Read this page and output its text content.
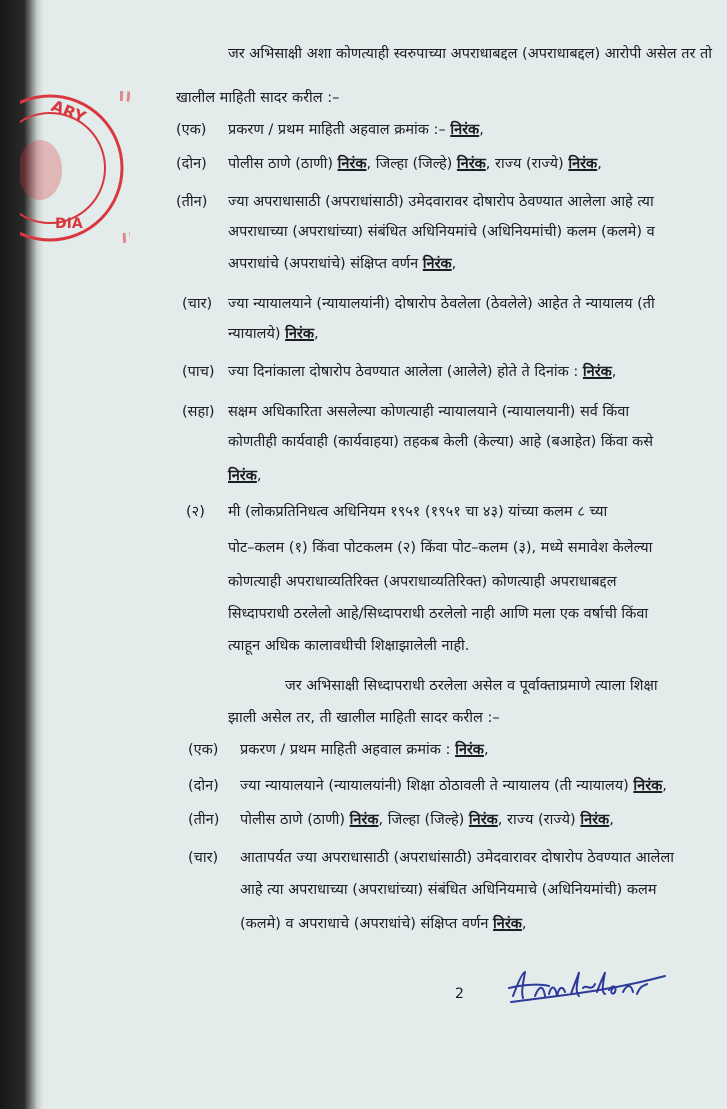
ARY
DIA
जर अभिसाक्षी अशा कोणत्याही स्वरुपाच्या अपराधाबद्दल (अपराधाबद्दल) आरोपी असेल तर तो
खालील माहिती सादर करील :–
(एक) प्रकरण / प्रथम माहिती अहवाल क्रमांक :– निरंक,
(दोन) पोलीस ठाणे (ठाणी) निरंक, जिल्हा (जिल्हे) निरंक, राज्य (राज्ये) निरंक,
(तीन) ज्या अपराधासाठी (अपराधांसाठी) उमेदवारावर दोषारोप ठेवण्यात आलेला आहे त्या
अपराधाच्या (अपराधांच्या) संबंधित अधिनियमांचे (अधिनियमांची) कलम (कलमे) व
अपराधांचे (अपराधांचे) संक्षिप्त वर्णन निरंक,
(चार) ज्या न्यायालयाने (न्यायालयांनी) दोषारोप ठेवलेला (ठेवलेले) आहेत ते न्यायालय (ती
न्यायालये) निरंक,
(पाच) ज्या दिनांकाला दोषारोप ठेवण्यात आलेला (आलेले) होते ते दिनांक : निरंक,
(सहा) सक्षम अधिकारिता असलेल्या कोणत्याही न्यायालयाने (न्यायालयानी) सर्व किंवा
कोणतीही कार्यवाही (कार्यवाहया) तहकब केली (केल्या) आहे (बआहेत) किंवा कसे
निरंक,
(२) मी (लोकप्रतिनिधत्व अधिनियम १९५१ (१९५१ चा ४३) यांच्या कलम ८ च्या
पोट–कलम (१) किंवा पोटकलम (२) किंवा पोट–कलम (३), मध्ये समावेश केलेल्या
कोणत्याही अपराधाव्यतिरिक्त (अपराधाव्यतिरिक्त) कोणत्याही अपराधाबद्दल
सिध्दापराधी ठरलेलो आहे/सिध्दापराधी ठरलेलो नाही आणि मला एक वर्षाची किंवा
त्याहून अधिक कालावधीची शिक्षाझालेली नाही.
जर अभिसाक्षी सिध्दापराधी ठरलेला असेल व पूर्वाक्ताप्रमाणे त्याला शिक्षा
झाली असेल तर, ती खालील माहिती सादर करील :–
(एक) प्रकरण / प्रथम माहिती अहवाल क्रमांक : निरंक,
(दोन) ज्या न्यायालयाने (न्यायालयांनी) शिक्षा ठोठावली ते न्यायालय (ती न्यायालय) निरंक,
(तीन) पोलीस ठाणे (ठाणी) निरंक, जिल्हा (जिल्हे) निरंक, राज्य (राज्ये) निरंक,
(चार) आतापर्यत ज्या अपराधासाठी (अपराधांसाठी) उमेदवारावर दोषारोप ठेवण्यात आलेला
आहे त्या अपराधाच्या (अपराधांच्या) संबंधित अधिनियमाचे (अधिनियमांची) कलम
(कलमे) व अपराधाचे (अपराधांचे) संक्षिप्त वर्णन निरंक,
2
